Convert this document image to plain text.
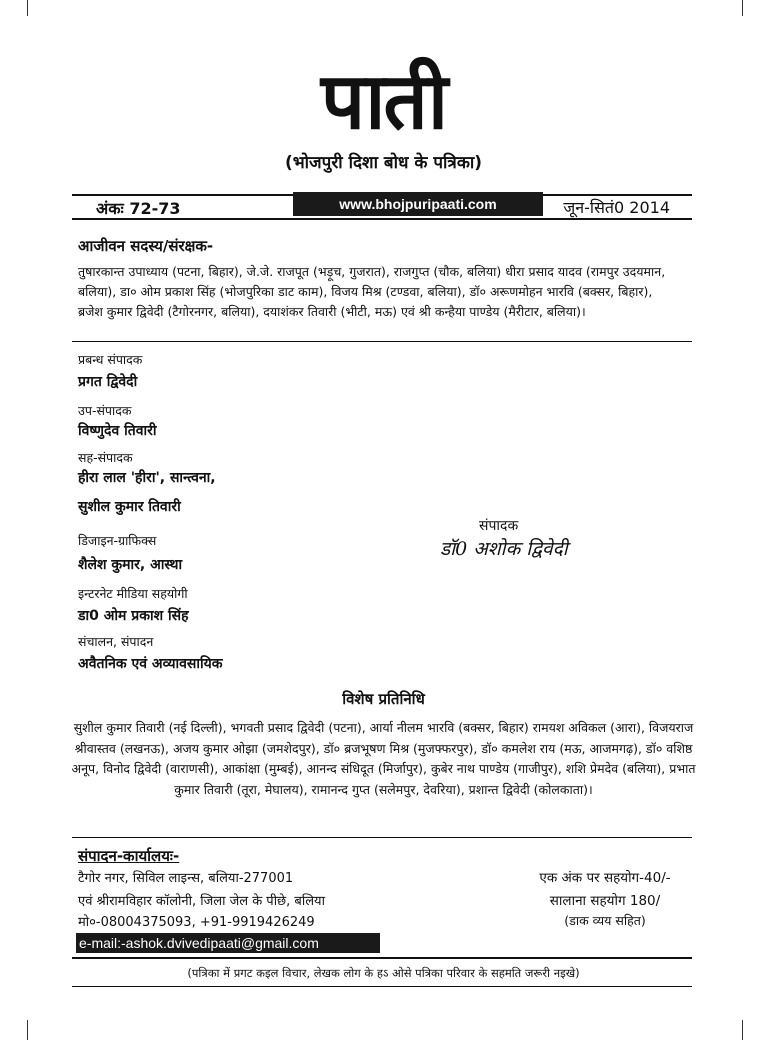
पाती
(भोजपुरी दिशा बोध के पत्रिका)
अंकः 72-73	www.bhojpuripaati.com	जून-सितं0 2014
आजीवन सदस्य/संरक्षक-
तुषारकान्त उपाध्याय (पटना, बिहार), जे.जे. राजपूत (भड़ूच, गुजरात), राजगुप्त (चौक, बलिया) धीरा प्रसाद यादव (रामपुर उदयमान, बलिया), डा० ओम प्रकाश सिंह (भोजपुरिका डाट काम), विजय मिश्र (टण्डवा, बलिया), डॉ० अरूणमोहन भारवि (बक्सर, बिहार), ब्रजेश कुमार द्विवेदी (टैगोरनगर, बलिया), दयाशंकर तिवारी (भीटी, मऊ) एवं श्री कन्हैया पाण्डेय (मैरीटार, बलिया)।
प्रबन्ध संपादक
प्रगत द्विवेदी
उप-संपादक
विष्णुदेव तिवारी
सह-संपादक
हीरा लाल 'हीरा', सान्त्वना,
सुशील कुमार तिवारी
डिजाइन-ग्राफिक्स
शैलेश कुमार, आस्था
इन्टरनेट मीडिया सहयोगी
डा0 ओम प्रकाश सिंह
संचालन, संपादन
अवैतनिक एवं अव्यावसायिक
संपादक
डॉ0 अशोक द्विवेदी
विशेष प्रतिनिधि
सुशील कुमार तिवारी (नई दिल्ली), भगवती प्रसाद द्विवेदी (पटना), आर्या नीलम भारवि (बक्सर, बिहार) रामयश अविकल (आरा), विजयराज श्रीवास्तव (लखनऊ), अजय कुमार ओझा (जमशेदपुर), डॉ० ब्रजभूषण मिश्र (मुजफ्फरपुर), डॉ० कमलेश राय (मऊ, आजमगढ़), डॉ० वशिष्ठ अनूप, विनोद द्विवेदी (वाराणसी), आकांक्षा (मुम्बई), आनन्द संधिदूत (मिर्जापुर), कुबेर नाथ पाण्डेय (गाजीपुर), शशि प्रेमदेव (बलिया), प्रभात कुमार तिवारी (तूरा, मेघालय), रामानन्द गुप्त (सलेमपुर, देवरिया), प्रशान्त द्विवेदी (कोलकाता)।
संपादन-कार्यालयः-
टैगोर नगर, सिविल लाइन्स, बलिया-277001
एवं श्रीरामविहार कॉलोनी, जिला जेल के पीछे, बलिया
मो०-08004375093, +91-9919426249
e-mail:-ashok.dvivedipaati@gmail.com
एक अंक पर सहयोग-40/-
सालाना सहयोग 180/
(डाक व्यय सहित)
(पत्रिका में प्रगट कइल विचार, लेखक लोग के हऽ ओसे पत्रिका परिवार के सहमति जरूरी नइखे)
